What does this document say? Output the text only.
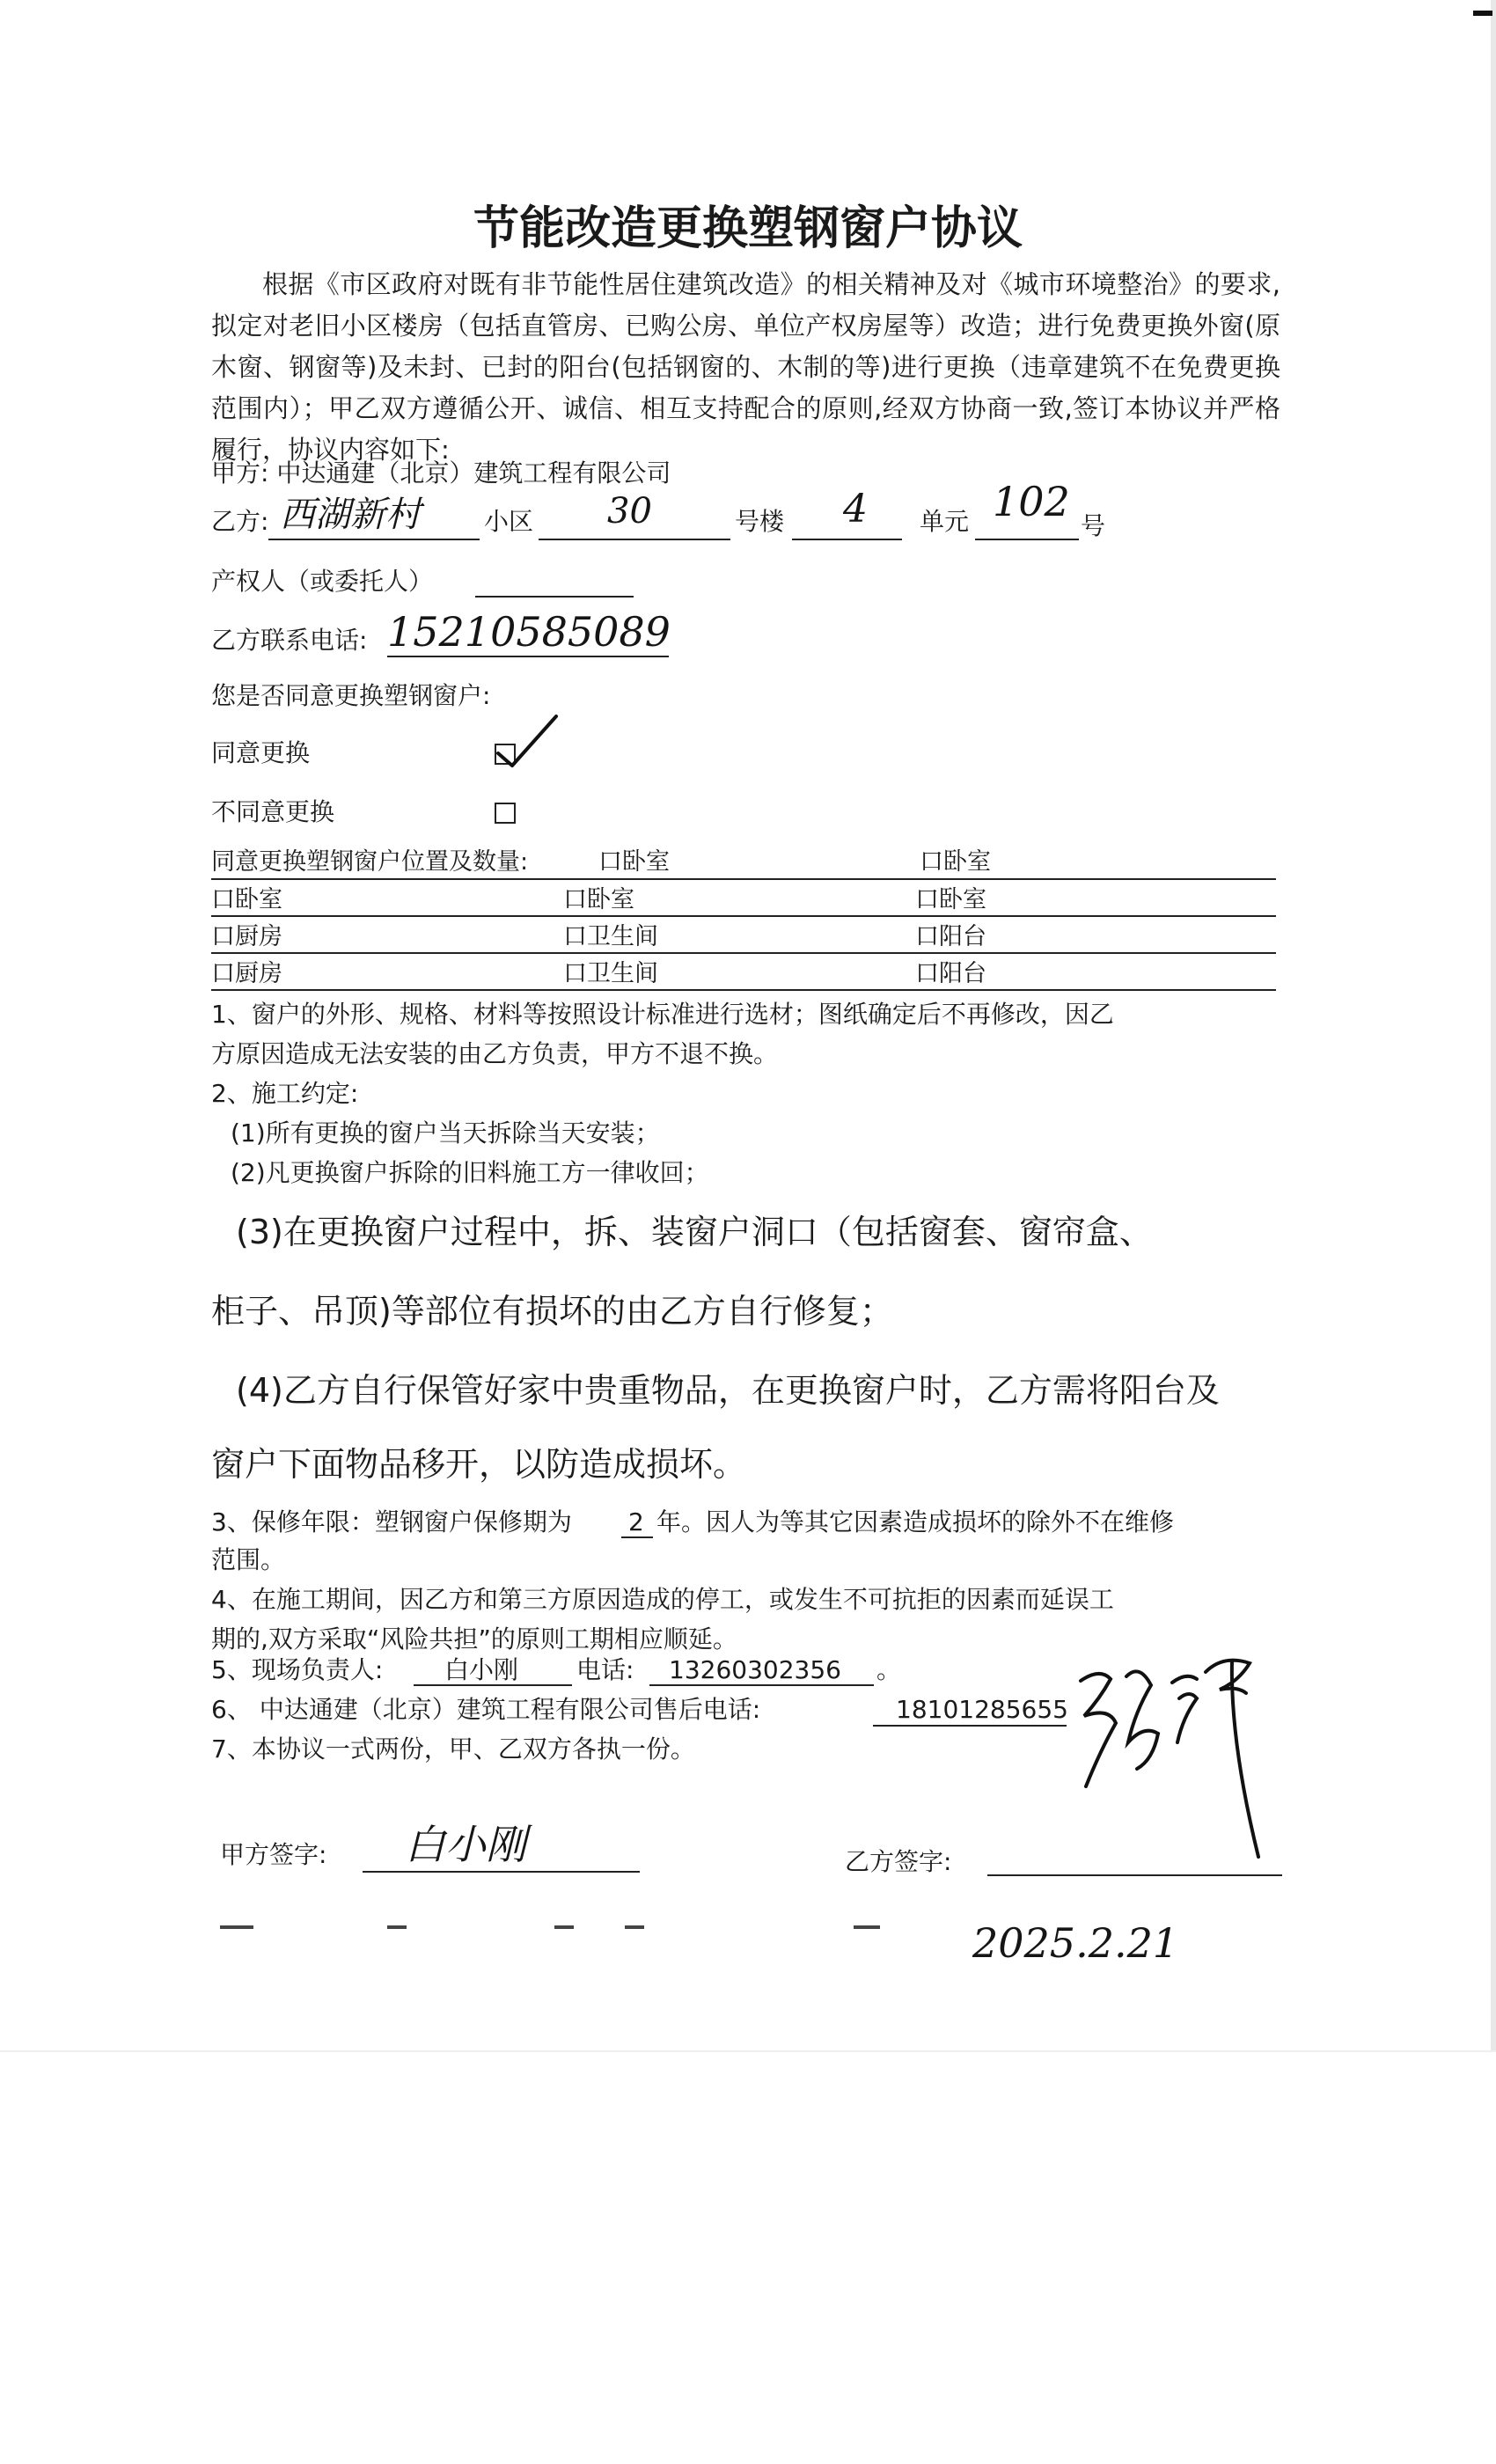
节能改造更换塑钢窗户协议

根据《市区政府对既有非节能性居住建筑改造》的相关精神及对《城市环境整治》的要求,拟定对老旧小区楼房（包括直管房、已购公房、单位产权房屋等）改造；进行免费更换外窗(原木窗、钢窗等)及未封、已封的阳台(包括钢窗的、木制的等)进行更换（违章建筑不在免费更换范围内）；甲乙双方遵循公开、诚信、相互支持配合的原则,经双方协商一致,签订本协议并严格履行，协议内容如下:

甲方: 中达通建（北京）建筑工程有限公司
乙方: 西湖新村	小区 30	号楼 4 单元 102
号
产权人（或委托人）
乙方联系电话: 15210585089
您是否同意更换塑钢窗户:
同意更换
不同意更换
同意更换塑钢窗户位置及数量:	口卧室	口卧室
口卧室	口卧室	口卧室
口厨房	口卫生间	口阳台
口厨房	口卫生间	口阳台
1、窗户的外形、规格、材料等按照设计标准进行选材；图纸确定后不再修改，因乙
方原因造成无法安装的由乙方负责，甲方不退不换。
2、施工约定:
(1)所有更换的窗户当天拆除当天安装；
(2)凡更换窗户拆除的旧料施工方一律收回；
(3)在更换窗户过程中，拆、装窗户洞口（包括窗套、窗帘盒、
柜子、吊顶)等部位有损坏的由乙方自行修复；
(4)乙方自行保管好家中贵重物品，在更换窗户时，乙方需将阳台及
窗户下面物品移开，以防造成损坏。
3、保修年限：塑钢窗户保修期为 2 年。因人为等其它因素造成损坏的除外不在维修
范围。
4、在施工期间，因乙方和第三方原因造成的停工，或发生不可抗拒的因素而延误工
期的,双方采取“风险共担”的原则工期相应顺延。
5、现场负责人: 白小刚 电话: 13260302356 。
6、 中达通建（北京）建筑工程有限公司售后电话:	18101285655
7、本协议一式两份，甲、乙双方各执一份。
甲方签字: 白小刚	乙方签字:
2025.2.21
